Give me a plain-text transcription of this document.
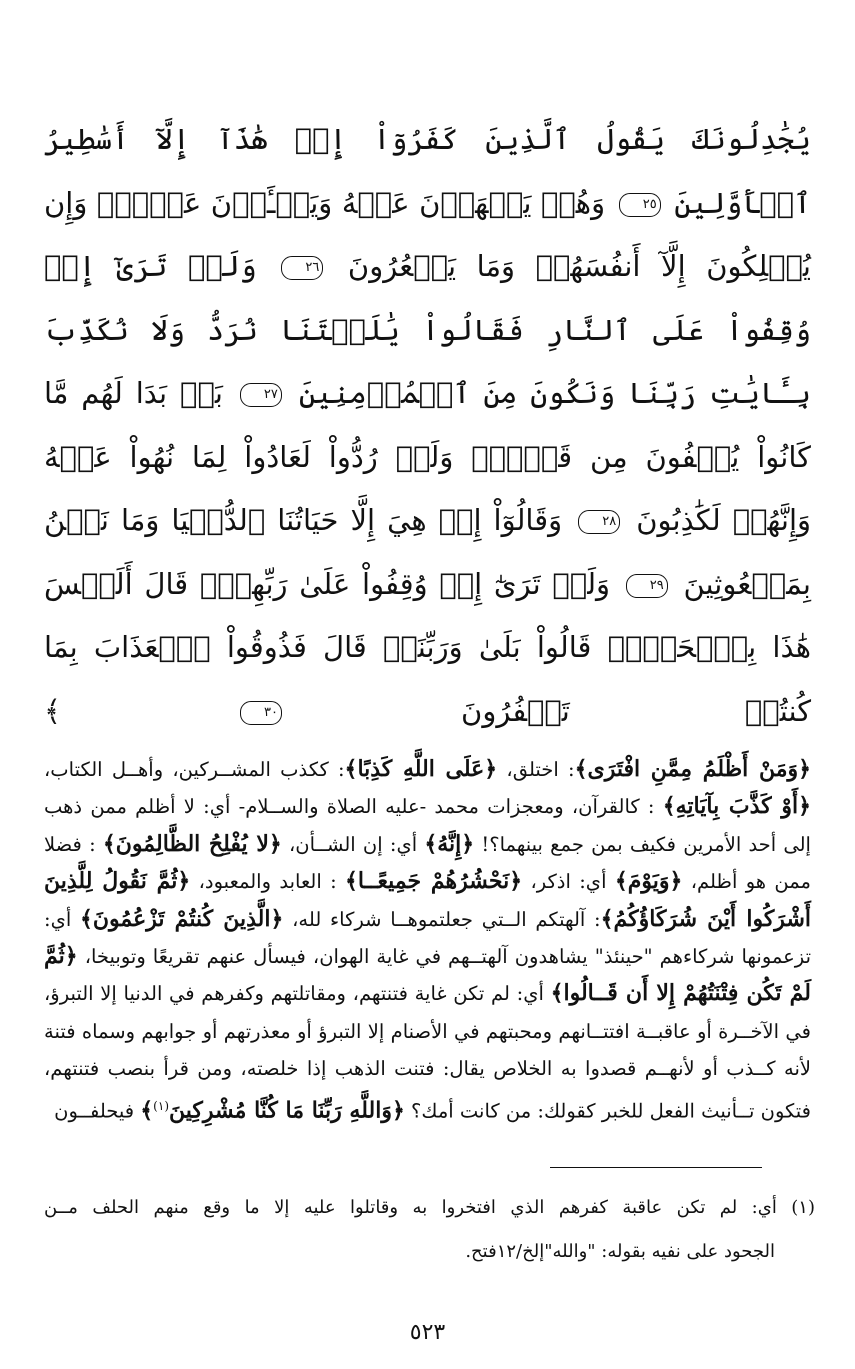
يُجَٰدِلُونَكَ يَقُولُ ٱلَّذِينَ كَفَرُوٓاْ إِنۡ هَٰذَآ إِلَّآ أَسَٰطِيرُ ٱلۡأَوَّلِينَ ٢٥ وَهُمۡ يَنۡهَوۡنَ عَنۡهُ وَيَنۡـَٔوۡنَ عَنۡهُۖ وَإِن يُهۡلِكُونَ إِلَّآ أَنفُسَهُمۡ وَمَا يَشۡعُرُونَ ٢٦ وَلَوۡ تَرَىٰٓ إِذۡ وُقِفُواْ عَلَى ٱلنَّارِ فَقَالُواْ يَٰلَيۡتَنَا نُرَدُّ وَلَا نُكَذِّبَ بِـَٔايَٰتِ رَبِّنَا وَنَكُونَ مِنَ ٱلۡمُؤۡمِنِينَ ٢٧ بَلۡ بَدَا لَهُم مَّا كَانُواْ يُخۡفُونَ مِن قَبۡلُۖ وَلَوۡ رُدُّواْ لَعَادُواْ لِمَا نُهُواْ عَنۡهُ وَإِنَّهُمۡ لَكَٰذِبُونَ ٢٨ وَقَالُوٓاْ إِنۡ هِيَ إِلَّا حَيَاتُنَا ٱلدُّنۡيَا وَمَا نَحۡنُ بِمَبۡعُوثِينَ ٢٩ وَلَوۡ تَرَىٰٓ إِذۡ وُقِفُواْ عَلَىٰ رَبِّهِمۡۚ قَالَ أَلَيۡسَ هَٰذَا بِٱلۡحَقِّۚ قَالُواْ بَلَىٰ وَرَبِّنَاۚ قَالَ فَذُوقُواْ ٱلۡعَذَابَ بِمَا كُنتُمۡ تَكۡفُرُونَ ٣٠ ﴾

﴿وَمَنْ أَظْلَمُ مِمَّنِ افْتَرَى﴾: اختلق، ﴿عَلَى اللَّهِ كَذِبًا﴾: ككذب المشــركين، وأهــل الكتاب، ﴿أَوْ كَذَّبَ بِآيَاتِهِ﴾ : كالقرآن، ومعجزات محمد -عليه الصلاة والســلام- أي: لا أظلم ممن ذهب إلى أحد الأمرين فكيف بمن جمع بينهما؟! ﴿إِنَّهُ﴾ أي: إن الشــأن، ﴿لا يُفْلِحُ الظَّالِمُونَ﴾ : فضلا ممن هو أظلم، ﴿وَيَوْمَ﴾ أي: اذكر، ﴿نَحْشُرُهُمْ جَمِيعًــا﴾ : العابد والمعبود، ﴿ثُمَّ نَقُولُ لِلَّذِينَ أَشْرَكُوا أَيْنَ شُرَكَاؤُكُمُ﴾: آلهتكم الــتي جعلتموهــا شركاء لله، ﴿الَّذِينَ كُنتُمْ تَزْعُمُونَ﴾ أي: تزعمونها شركاءهم "حينئذ" يشاهدون آلهتــهم في غاية الهوان، فيسأل عنهم تقريعًا وتوبيخا، ﴿ثُمَّ لَمْ تَكُن فِتْنَتُهُمْ إِلا أَن قَــالُوا﴾ أي: لم تكن غاية فتنتهم، ومقاتلتهم وكفرهم في الدنيا إلا التبرؤ، في الآخــرة أو عاقبــة افتتــانهم ومحبتهم في الأصنام إلا التبرؤ أو معذرتهم أو جوابهم وسماه فتنة لأنه كــذب أو لأنهــم قصدوا به الخلاص يقال: فتنت الذهب إذا خلصته، ومن قرأ بنصب فتنتهم، فتكون تــأنيث الفعل للخبر كقولك: من كانت أمك؟ ﴿وَاللَّهِ رَبِّنَا مَا كُنَّا مُشْرِكِينَ$^{(١)}$﴾ فيحلفــون

(١) أي: لم تكن عاقبة كفرهم الذي افتخروا به وقاتلوا عليه إلا ما وقع منهم الحلف مــن

الجحود على نفيه بقوله: "والله"إلخ/١٢فتح.

٥٢٣
